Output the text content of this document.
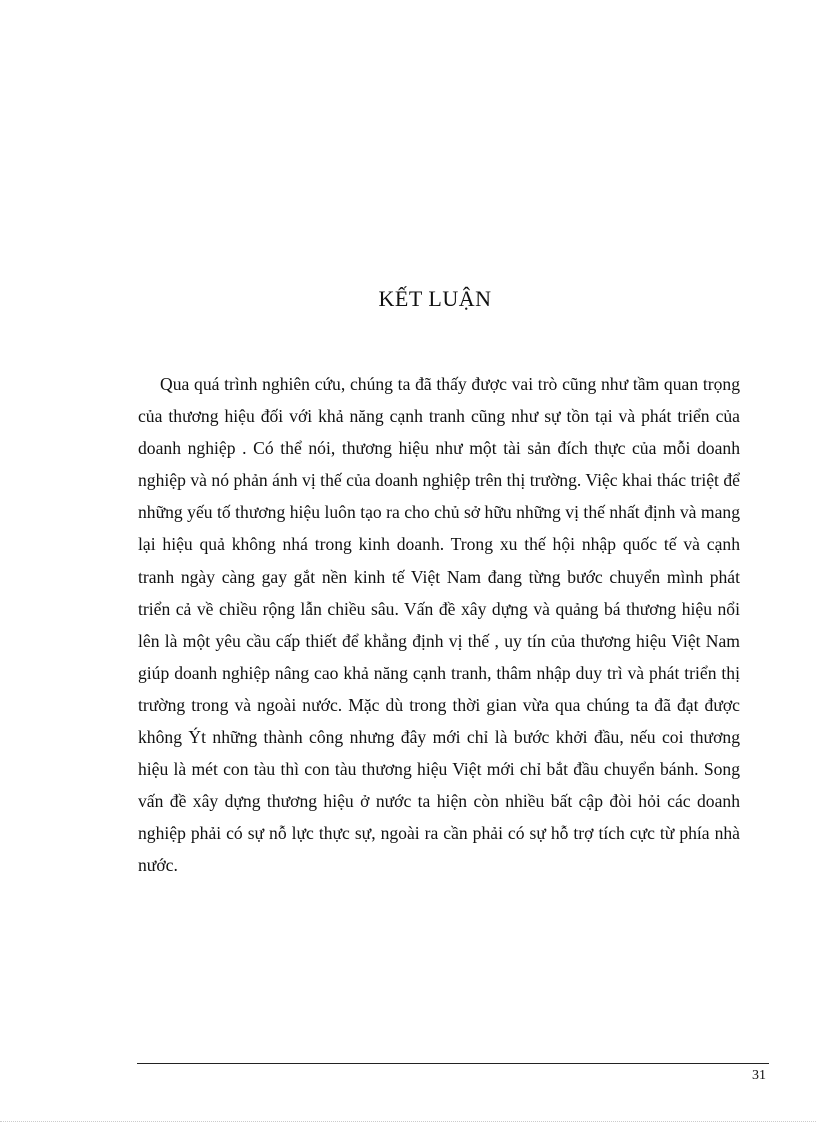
KẾT LUẬN

Qua quá trình nghiên cứu, chúng ta đã thấy được vai trò cũng như tầm quan trọng của thương hiệu đối với khả năng cạnh tranh cũng như sự tồn tại và phát triển của doanh nghiệp . Có thể nói, thương hiệu như một tài sản đích thực của mỗi doanh nghiệp và nó phản ánh vị thế của doanh nghiệp trên thị trường. Việc khai thác triệt để những yếu tố thương hiệu luôn tạo ra cho chủ sở hữu những vị thế nhất định và mang lại hiệu quả không nhá trong kinh doanh. Trong xu thế hội nhập quốc tế và cạnh tranh ngày càng gay gắt nền kinh tế Việt Nam đang từng bước chuyển mình phát triển cả về chiều rộng lẫn chiều sâu. Vấn đề xây dựng và quảng bá thương hiệu nổi lên là một yêu cầu cấp thiết để khẳng định vị thế , uy tín của thương hiệu Việt Nam giúp doanh nghiệp nâng cao khả năng cạnh tranh, thâm nhập duy trì và phát triển thị trường trong và ngoài nước. Mặc dù trong thời gian vừa qua chúng ta đã đạt được không Ýt những thành công nhưng đây mới chỉ là bước khởi đầu, nếu coi thương hiệu là mét con tàu thì con tàu thương hiệu Việt mới chỉ bắt đầu chuyển bánh. Song vấn đề xây dựng thương hiệu ở nước ta hiện còn nhiều bất cập đòi hỏi các doanh nghiệp phải có sự nỗ lực thực sự, ngoài ra cần phải có sự hỗ trợ tích cực từ phía nhà nước.

31
